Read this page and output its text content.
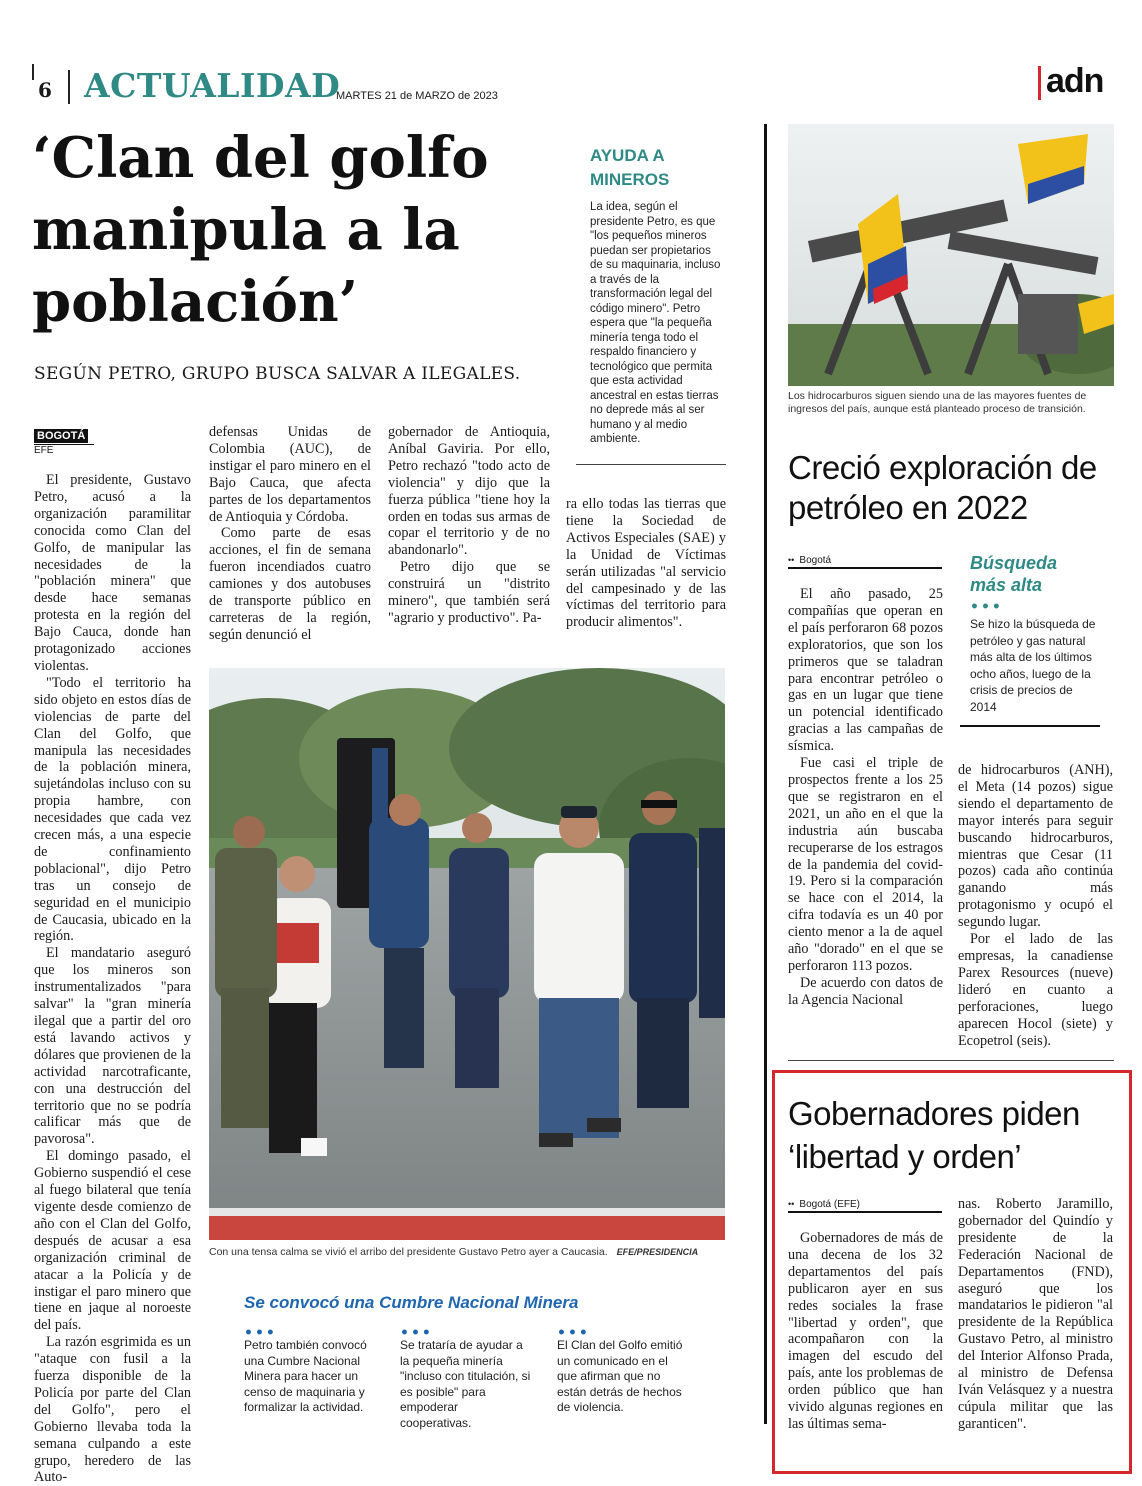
6 ACTUALIDAD
MARTES 21 de MARZO de 2023	adn
‘Clan del golfo manipula a la población’
SEGÚN PETRO, GRUPO BUSCA SALVAR A ILEGALES.
AYUDA A MINEROS
La idea, según el presidente Petro, es que "los pequeños mineros puedan ser propietarios de su maquinaria, incluso a través de la transformación legal del código minero". Petro espera que "la pequeña minería tenga todo el respaldo financiero y tecnológico que permita que esta actividad ancestral en estas tierras no deprede más al ser humano y al medio ambiente.
BOGOTÁ
EFE

El presidente, Gustavo Petro, acusó a la organización paramilitar conocida como Clan del Golfo, de manipular las necesidades de la "población minera" que desde hace semanas protesta en la región del Bajo Cauca, donde han protagonizado acciones violentas.

"Todo el territorio ha sido objeto en estos días de violencias de parte del Clan del Golfo, que manipula las necesidades de la población minera, sujetándolas incluso con su propia hambre, con necesidades que cada vez crecen más, a una especie de confinamiento poblacional", dijo Petro tras un consejo de seguridad en el municipio de Caucasia, ubicado en la región.

El mandatario aseguró que los mineros son instrumentalizados "para salvar" la "gran minería ilegal que a partir del oro está lavando activos y dólares que provienen de la actividad narcotraficante, con una destrucción del territorio que no se podría calificar más que de pavorosa".

El domingo pasado, el Gobierno suspendió el cese al fuego bilateral que tenía vigente desde comienzo de año con el Clan del Golfo, después de acusar a esa organización criminal de atacar a la Policía y de instigar el paro minero que tiene en jaque al noroeste del país.

La razón esgrimida es un "ataque con fusil a la fuerza disponible de la Policía por parte del Clan del Golfo", pero el Gobierno llevaba toda la semana culpando a este grupo, heredero de las Auto-

defensas Unidas de Colombia (AUC), de instigar el paro minero en el Bajo Cauca, que afecta partes de los departamentos de Antioquia y Córdoba.

Como parte de esas acciones, el fin de semana fueron incendiados cuatro camiones y dos autobuses de transporte público en carreteras de la región, según denunció el

gobernador de Antioquia, Aníbal Gaviria. Por ello, Petro rechazó "todo acto de violencia" y dijo que la fuerza pública "tiene hoy la orden en todas sus armas de copar el territorio y de no abandonarlo".

Petro dijo que se construirá un "distrito minero", que también será "agrario y productivo". Pa-

ra ello todas las tierras que tiene la Sociedad de Activos Especiales (SAE) y la Unidad de Víctimas serán utilizadas "al servicio del campesinado y de las víctimas del territorio para producir alimentos".

Con una tensa calma se vivió el arribo del presidente Gustavo Petro ayer a Caucasia. EFE/PRESIDENCIA
Se convocó una Cumbre Nacional Minera
•••
Petro también convocó una Cumbre Nacional Minera para hacer un censo de maquinaria y formalizar la actividad.
•••
Se trataría de ayudar a la pequeña minería "incluso con titulación, si es posible" para empoderar cooperativas.
•••
El Clan del Golfo emitió un comunicado en el que afirman que no están detrás de hechos de violencia.
Los hidrocarburos siguen siendo una de las mayores fuentes de ingresos del país, aunque está planteado proceso de transición.
Creció exploración de petróleo en 2022
•• Bogotá

El año pasado, 25 compañías que operan en el país perforaron 68 pozos exploratorios, que son los primeros que se taladran para encontrar petróleo o gas en un lugar que tiene un potencial identificado gracias a las campañas de sísmica.

Fue casi el triple de prospectos frente a los 25 que se registraron en el 2021, un año en el que la industria aún buscaba recuperarse de los estragos de la pandemia del covid-19. Pero si la comparación se hace con el 2014, la cifra todavía es un 40 por ciento menor a la de aquel año "dorado" en el que se perforaron 113 pozos.

De acuerdo con datos de la Agencia Nacional

Búsqueda más alta
•••
Se hizo la búsqueda de petróleo y gas natural más alta de los últimos ocho años, luego de la crisis de precios de 2014

de hidrocarburos (ANH), el Meta (14 pozos) sigue siendo el departamento de mayor interés para seguir buscando hidrocarburos, mientras que Cesar (11 pozos) cada año continúa ganando más protagonismo y ocupó el segundo lugar.

Por el lado de las empresas, la canadiense Parex Resources (nueve) lideró en cuanto a perforaciones, luego aparecen Hocol (siete) y Ecopetrol (seis).

Gobernadores piden ‘libertad y orden’
•• Bogotá (EFE)

Gobernadores de más de una decena de los 32 departamentos del país publicaron ayer en sus redes sociales la frase "libertad y orden", que acompañaron con la imagen del escudo del país, ante los problemas de orden público que han vivido algunas regiones en las últimas sema-

nas. Roberto Jaramillo, gobernador del Quindío y presidente de la Federación Nacional de Departamentos (FND), aseguró que los mandatarios le pidieron "al presidente de la República Gustavo Petro, al ministro del Interior Alfonso Prada, al ministro de Defensa Iván Velásquez y a nuestra cúpula militar que las garanticen".
